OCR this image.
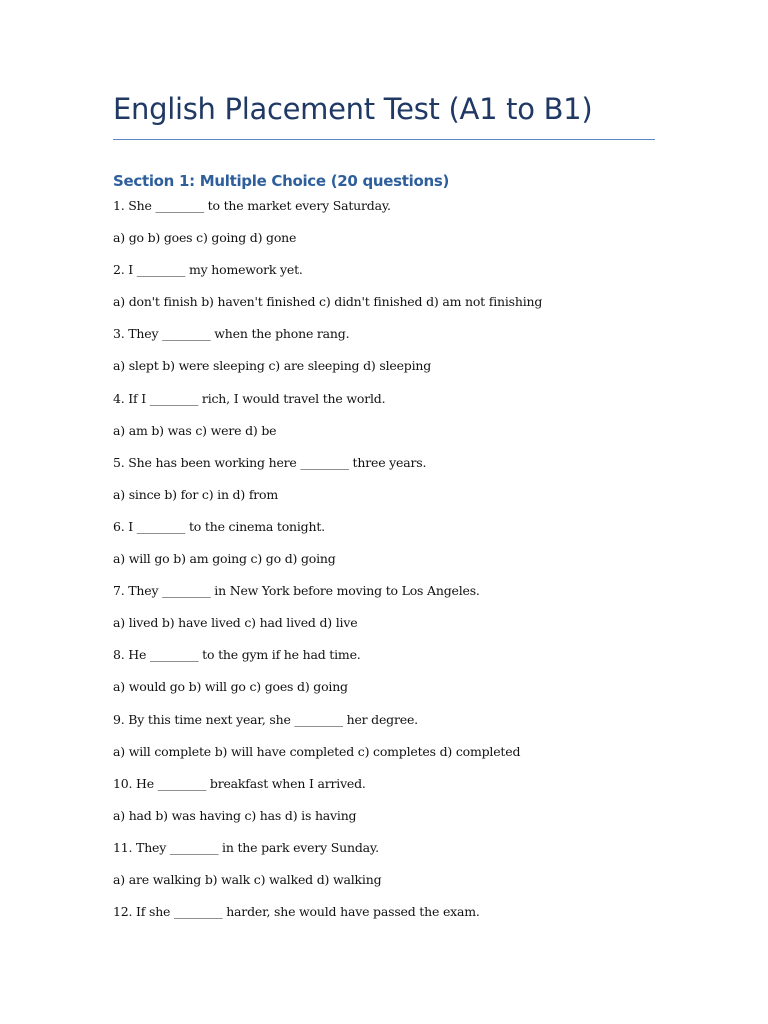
English Placement Test (A1 to B1)
Section 1: Multiple Choice (20 questions)
1. She ________ to the market every Saturday.
a) go b) goes c) going d) gone
2. I ________ my homework yet.
a) don't finish b) haven't finished c) didn't finished d) am not finishing
3. They ________ when the phone rang.
a) slept b) were sleeping c) are sleeping d) sleeping
4. If I ________ rich, I would travel the world.
a) am b) was c) were d) be
5. She has been working here ________ three years.
a) since b) for c) in d) from
6. I ________ to the cinema tonight.
a) will go b) am going c) go d) going
7. They ________ in New York before moving to Los Angeles.
a) lived b) have lived c) had lived d) live
8. He ________ to the gym if he had time.
a) would go b) will go c) goes d) going
9. By this time next year, she ________ her degree.
a) will complete b) will have completed c) completes d) completed
10. He ________ breakfast when I arrived.
a) had b) was having c) has d) is having
11. They ________ in the park every Sunday.
a) are walking b) walk c) walked d) walking
12. If she ________ harder, she would have passed the exam.
